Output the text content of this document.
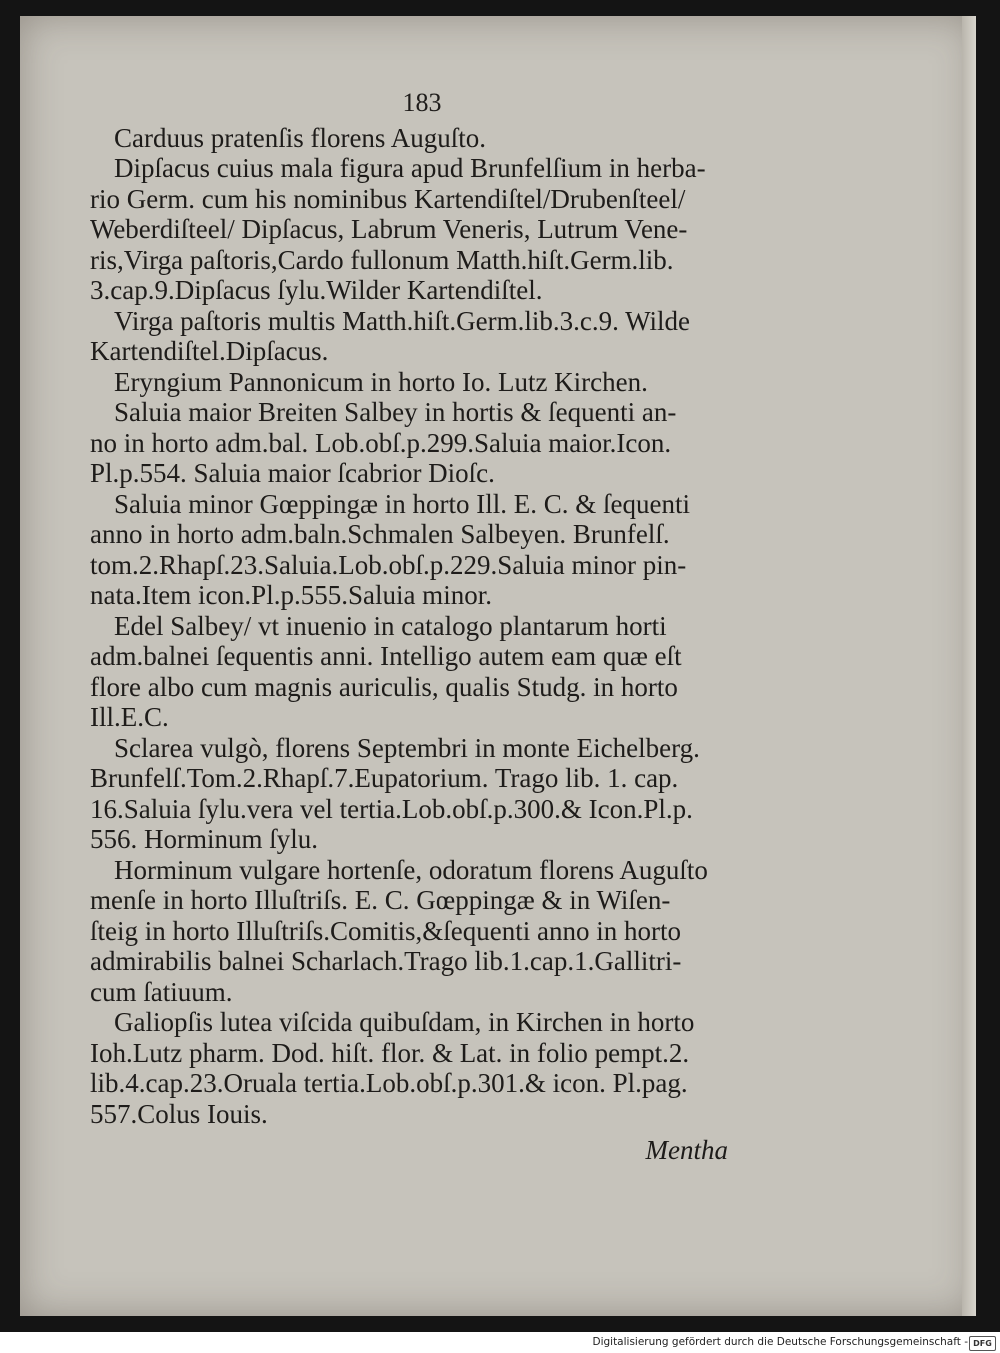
183
Carduus pratenſis florens Auguſto.
Dipſacus cuius mala figura apud Brunfelſium in herba-
rio Germ. cum his nominibus Kartendiſtel/Drubenſteel/
Weberdiſteel/ Dipſacus, Labrum Veneris, Lutrum Vene-
ris,Virga paſtoris,Cardo fullonum Matth.hiſt.Germ.lib.
3.cap.9.Dipſacus ſylu.Wilder Kartendiſtel.
Virga paſtoris multis Matth.hiſt.Germ.lib.3.c.9. Wilde
Kartendiſtel.Dipſacus.
Eryngium Pannonicum in horto Io. Lutz Kirchen.
Saluia maior Breiten Salbey in hortis & ſequenti an-
no in horto adm.bal. Lob.obſ.p.299.Saluia maior.Icon.
Pl.p.554. Saluia maior ſcabrior Dioſc.
Saluia minor Gœppingæ in horto Ill. E. C. & ſequenti
anno in horto adm.baln.Schmalen Salbeyen. Brunfelſ.
tom.2.Rhapſ.23.Saluia.Lob.obſ.p.229.Saluia minor pin-
nata.Item icon.Pl.p.555.Saluia minor.
Edel Salbey/ vt inuenio in catalogo plantarum horti
adm.balnei ſequentis anni. Intelligo autem eam quæ eſt
flore albo cum magnis auriculis, qualis Studg. in horto
Ill.E.C.
Sclarea vulgò, florens Septembri in monte Eichelberg.
Brunfelſ.Tom.2.Rhapſ.7.Eupatorium. Trago lib. 1. cap.
16.Saluia ſylu.vera vel tertia.Lob.obſ.p.300.& Icon.Pl.p.
556. Horminum ſylu.
Horminum vulgare hortenſe, odoratum florens Auguſto
menſe in horto Illuſtriſs. E. C. Gœppingæ & in Wiſen-
ſteig in horto Illuſtriſs.Comitis,&ſequenti anno in horto
admirabilis balnei Scharlach.Trago lib.1.cap.1.Gallitri-
cum ſatiuum.
Galiopſis lutea viſcida quibuſdam, in Kirchen in horto
Ioh.Lutz pharm. Dod. hiſt. flor. & Lat. in folio pempt.2.
lib.4.cap.23.Oruala tertia.Lob.obſ.p.301.& icon. Pl.pag.
557.Colus Iouis.
Mentha
Digitalisierung gefördert durch die Deutsche Forschungsgemeinschaft - DFG
